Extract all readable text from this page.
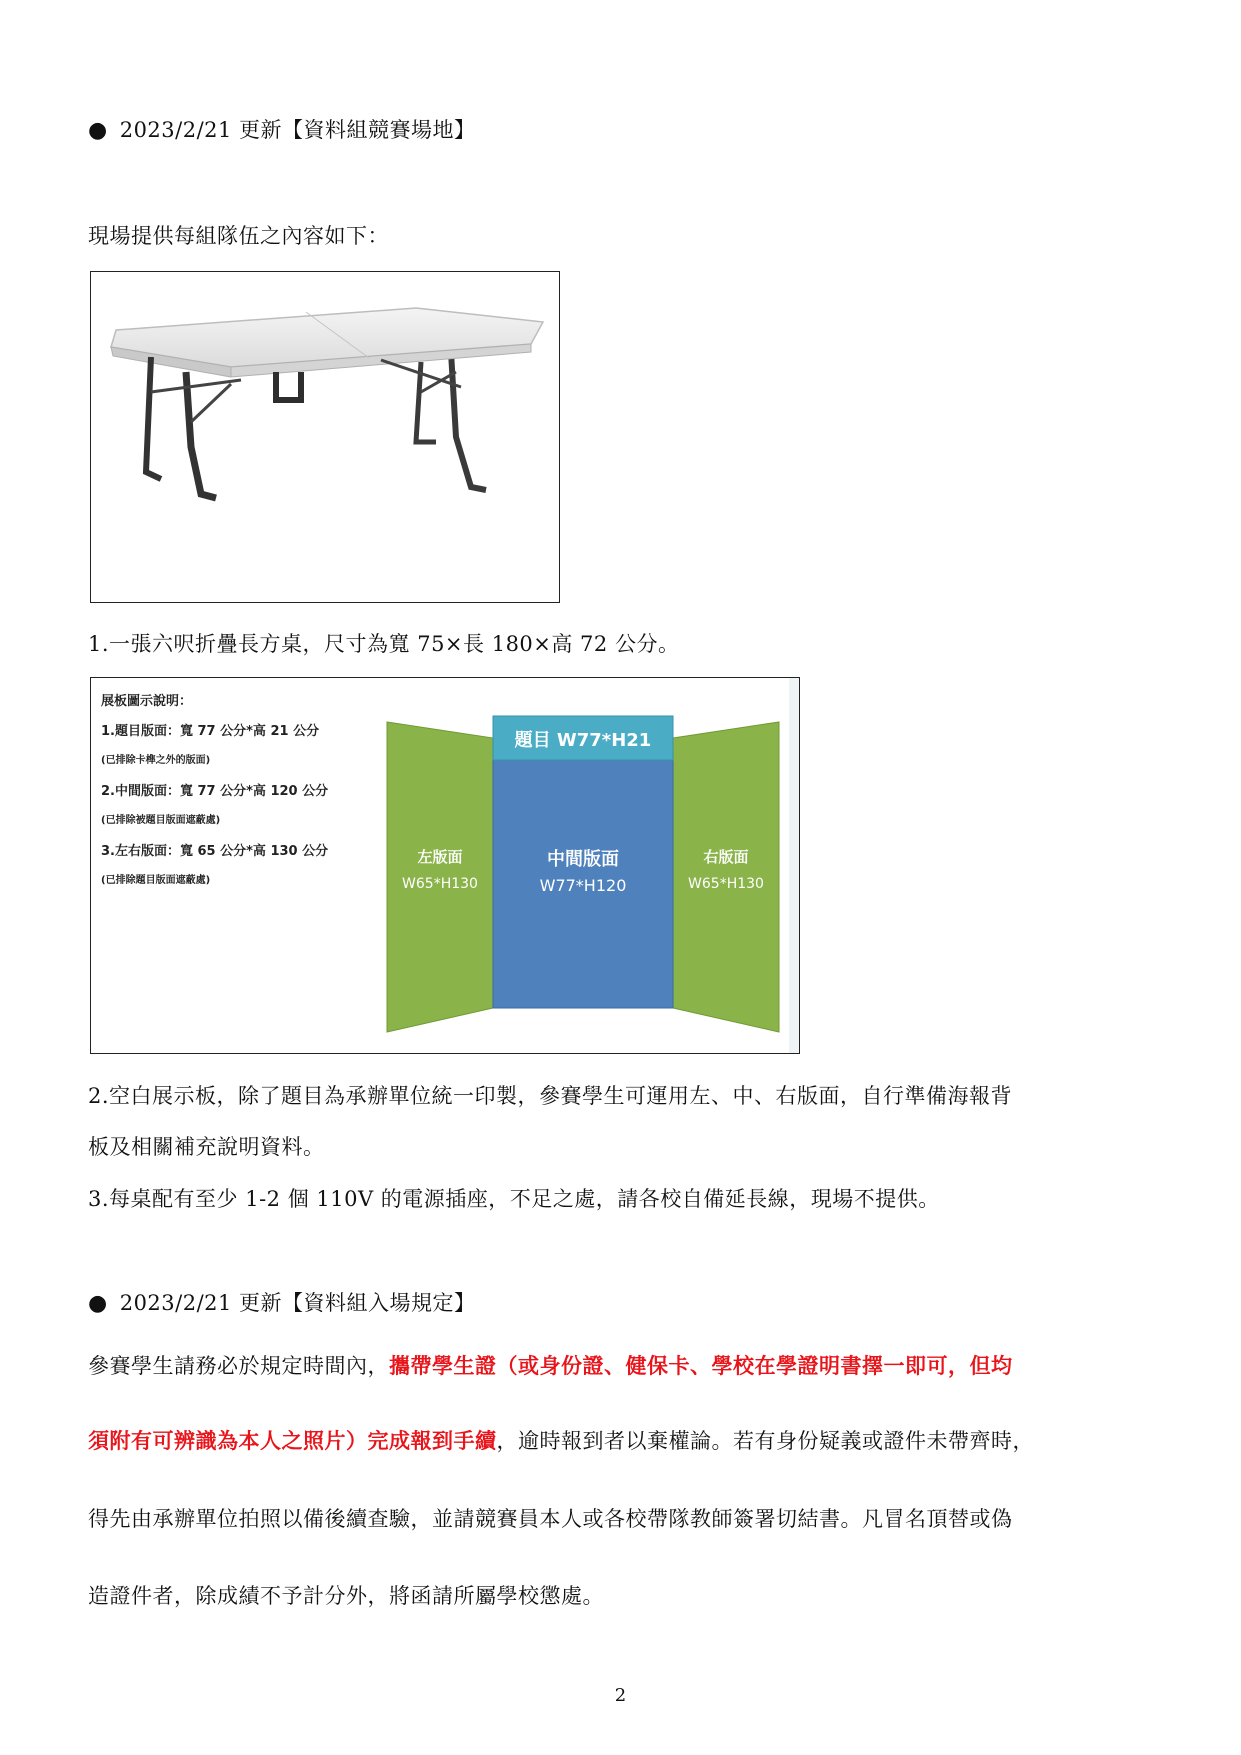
● 2023/2/21 更新【資料組競賽場地】
現場提供每組隊伍之內容如下：
1.一張六呎折疊長方桌，尺寸為寬 75×長 180×高 72 公分。
展板圖示說明：
1.題目版面：寬 77 公分*高 21 公分
(已排除卡榫之外的版面)
2.中間版面：寬 77 公分*高 120 公分
(已排除被題目版面遮蔽處)
3.左右版面：寬 65 公分*高 130 公分
(已排除題目版面遮蔽處)
題目 W77*H21
左版面
W65*H130
中間版面
W77*H120
右版面
W65*H130
2.空白展示板，除了題目為承辦單位統一印製，參賽學生可運用左、中、右版面，自行準備海報背
板及相關補充說明資料。
3.每桌配有至少 1-2 個 110V 的電源插座，不足之處，請各校自備延長線，現場不提供。
● 2023/2/21 更新【資料組入場規定】
參賽學生請務必於規定時間內，攜帶學生證（或身份證、健保卡、學校在學證明書擇一即可，但均
須附有可辨識為本人之照片）完成報到手續，逾時報到者以棄權論。若有身份疑義或證件未帶齊時，
得先由承辦單位拍照以備後續查驗，並請競賽員本人或各校帶隊教師簽署切結書。凡冒名頂替或偽
造證件者，除成績不予計分外，將函請所屬學校懲處。
2
